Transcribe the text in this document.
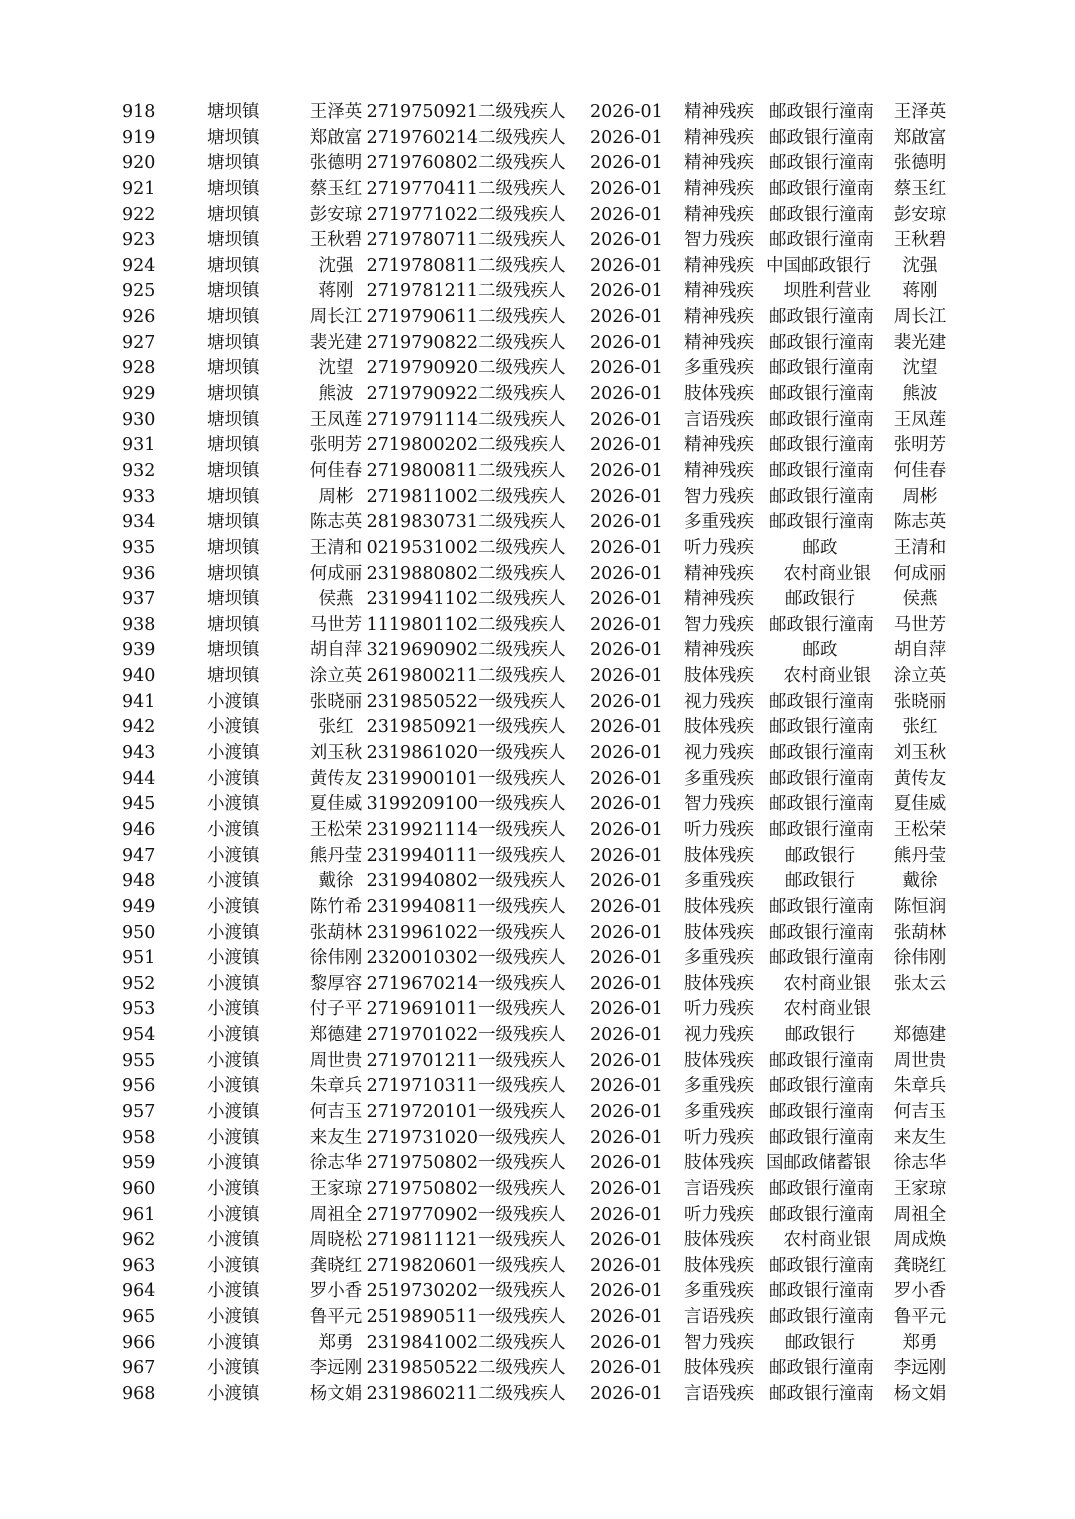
918	塘坝镇	王泽英 2719750921 二级残疾人	2026-01	精神残疾 邮政银行潼南	王泽英
919	塘坝镇	郑啟富 2719760214 二级残疾人	2026-01	精神残疾 邮政银行潼南	郑啟富
920	塘坝镇	张德明 2719760802 二级残疾人	2026-01	精神残疾 邮政银行潼南	张德明
921	塘坝镇	蔡玉红 2719770411 二级残疾人	2026-01	精神残疾 邮政银行潼南	蔡玉红
922	塘坝镇	彭安琼 2719771022 二级残疾人	2026-01	精神残疾 邮政银行潼南	彭安琼
923	塘坝镇	王秋碧 2719780711 二级残疾人	2026-01	智力残疾 邮政银行潼南	王秋碧
924	塘坝镇	沈强 2719780811 二级残疾人	2026-01	精神残疾 中国邮政银行	沈强
925	塘坝镇	蒋刚 2719781211 二级残疾人	2026-01	精神残疾	坝胜利营业	蒋刚
926	塘坝镇	周长江 2719790611 二级残疾人	2026-01	精神残疾 邮政银行潼南	周长江
927	塘坝镇	裴光建 2719790822 二级残疾人	2026-01	精神残疾 邮政银行潼南	裴光建
928	塘坝镇	沈望 2719790920 二级残疾人	2026-01	多重残疾 邮政银行潼南	沈望
929	塘坝镇	熊波 2719790922 二级残疾人	2026-01	肢体残疾 邮政银行潼南	熊波
930	塘坝镇	王凤莲 2719791114 二级残疾人	2026-01	言语残疾 邮政银行潼南	王凤莲
931	塘坝镇	张明芳 2719800202 二级残疾人	2026-01	精神残疾 邮政银行潼南	张明芳
932	塘坝镇	何佳春 2719800811 二级残疾人	2026-01	精神残疾 邮政银行潼南	何佳春
933	塘坝镇	周彬 2719811002 二级残疾人	2026-01	智力残疾 邮政银行潼南	周彬
934	塘坝镇	陈志英 2819830731 二级残疾人	2026-01	多重残疾 邮政银行潼南	陈志英
935	塘坝镇	王清和 0219531002 二级残疾人	2026-01	听力残疾	邮政	王清和
936	塘坝镇	何成丽 2319880802 二级残疾人	2026-01	精神残疾	农村商业银	何成丽
937	塘坝镇	侯燕 2319941102 二级残疾人	2026-01	精神残疾	邮政银行	侯燕
938	塘坝镇	马世芳 1119801102 二级残疾人	2026-01	智力残疾 邮政银行潼南	马世芳
939	塘坝镇	胡自萍 3219690902 二级残疾人	2026-01	精神残疾	邮政	胡自萍
940	塘坝镇	涂立英 2619800211 二级残疾人	2026-01	肢体残疾	农村商业银	涂立英
941	小渡镇	张晓丽 2319850522 一级残疾人	2026-01	视力残疾 邮政银行潼南	张晓丽
942	小渡镇	张红 2319850921 一级残疾人	2026-01	肢体残疾 邮政银行潼南	张红
943	小渡镇	刘玉秋 2319861020 一级残疾人	2026-01	视力残疾 邮政银行潼南	刘玉秋
944	小渡镇	黄传友 2319900101 一级残疾人	2026-01	多重残疾 邮政银行潼南	黄传友
945	小渡镇	夏佳威 3199209100 一级残疾人	2026-01	智力残疾 邮政银行潼南	夏佳威
946	小渡镇	王松荣 2319921114 一级残疾人	2026-01	听力残疾 邮政银行潼南	王松荣
947	小渡镇	熊丹莹 2319940111 一级残疾人	2026-01	肢体残疾	邮政银行	熊丹莹
948	小渡镇	戴徐 2319940802 一级残疾人	2026-01	多重残疾	邮政银行	戴徐
949	小渡镇	陈竹希 2319940811 一级残疾人	2026-01	肢体残疾 邮政银行潼南	陈恒润
950	小渡镇	张葫林 2319961022 一级残疾人	2026-01	肢体残疾 邮政银行潼南	张葫林
951	小渡镇	徐伟刚 2320010302 一级残疾人	2026-01	多重残疾 邮政银行潼南	徐伟刚
952	小渡镇	黎厚容 2719670214 一级残疾人	2026-01	肢体残疾	农村商业银	张太云
953	小渡镇	付子平 2719691011 一级残疾人	2026-01	听力残疾	农村商业银
954	小渡镇	郑德建 2719701022 一级残疾人	2026-01	视力残疾	邮政银行	郑德建
955	小渡镇	周世贵 2719701211 一级残疾人	2026-01	肢体残疾 邮政银行潼南	周世贵
956	小渡镇	朱章兵 2719710311 一级残疾人	2026-01	多重残疾 邮政银行潼南	朱章兵
957	小渡镇	何吉玉 2719720101 一级残疾人	2026-01	多重残疾 邮政银行潼南	何吉玉
958	小渡镇	来友生 2719731020 一级残疾人	2026-01	听力残疾 邮政银行潼南	来友生
959	小渡镇	徐志华 2719750802 一级残疾人	2026-01	肢体残疾 国邮政储蓄银	徐志华
960	小渡镇	王家琼 2719750802 一级残疾人	2026-01	言语残疾 邮政银行潼南	王家琼
961	小渡镇	周祖全 2719770902 一级残疾人	2026-01	听力残疾 邮政银行潼南	周祖全
962	小渡镇	周晓松 2719811121 一级残疾人	2026-01	肢体残疾	农村商业银	周成焕
963	小渡镇	龚晓红 2719820601 一级残疾人	2026-01	肢体残疾 邮政银行潼南	龚晓红
964	小渡镇	罗小香 2519730202 一级残疾人	2026-01	多重残疾 邮政银行潼南	罗小香
965	小渡镇	鲁平元 2519890511 一级残疾人	2026-01	言语残疾 邮政银行潼南	鲁平元
966	小渡镇	郑勇 2319841002 二级残疾人	2026-01	智力残疾	邮政银行	郑勇
967	小渡镇	李远刚 2319850522 二级残疾人	2026-01	肢体残疾 邮政银行潼南	李远刚
968	小渡镇	杨文娟 2319860211 二级残疾人	2026-01	言语残疾 邮政银行潼南	杨文娟
